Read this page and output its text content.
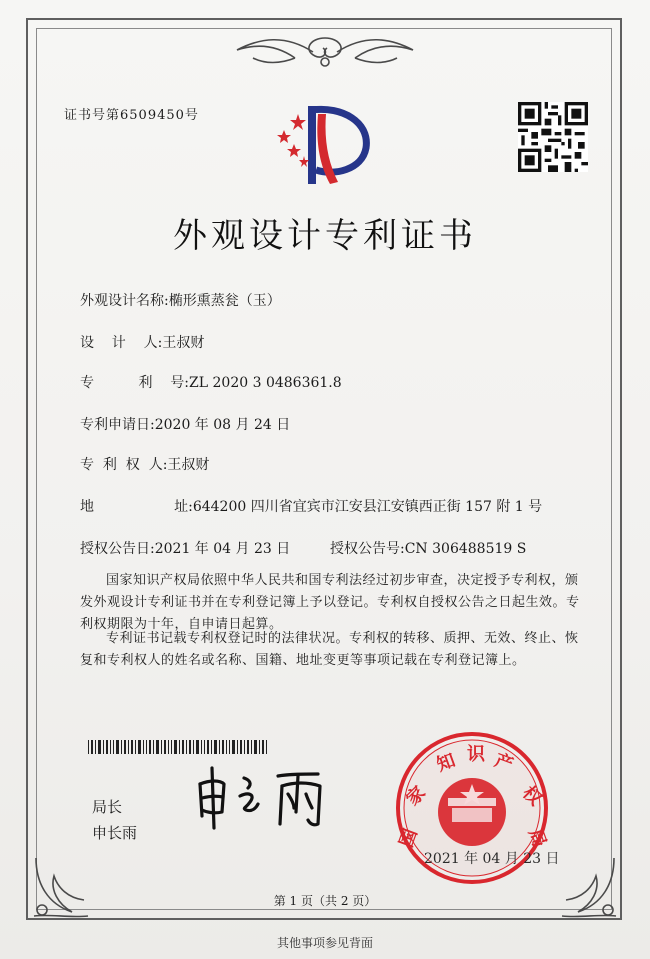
证书号第6509450号
外观设计专利证书
外观设计名称:椭形熏蒸瓮（玉）
设    计    人:王叔财
专          利    号:ZL 2020 3 0486361.8
专利申请日:2020 年 08 月 24 日
专  利  权  人:王叔财
地                  址:644200 四川省宜宾市江安县江安镇西正街 157 附 1 号
授权公告日:2021 年 04 月 23 日	授权公告号:CN 306488519 S
国家知识产权局依照中华人民共和国专利法经过初步审查，决定授予专利权，颁发外观设计专利证书并在专利登记簿上予以登记。专利权自授权公告之日起生效。专利权期限为十年，自申请日起算。
专利证书记载专利权登记时的法律状况。专利权的转移、质押、无效、终止、恢复和专利权人的姓名或名称、国籍、地址变更等事项记载在专利登记簿上。
局长
申长雨	国
家
知 识 产
权
局
2021 年 04 月 23 日
第 1 页（共 2 页）
其他事项参见背面
